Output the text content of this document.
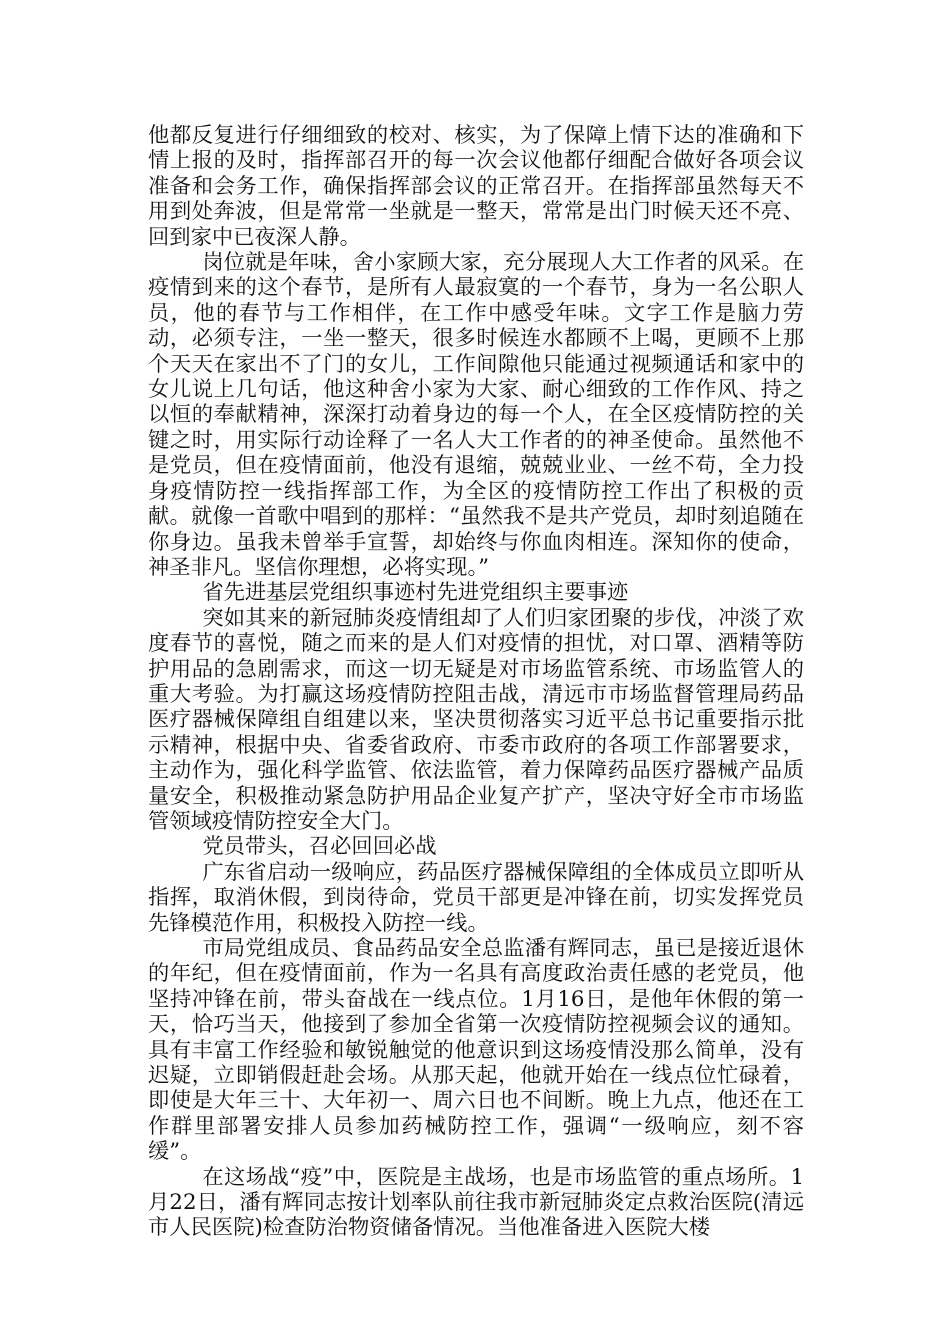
他都反复进行仔细细致的校对、核实，为了保障上情下达的准确和下情上报的及时，指挥部召开的每一次会议他都仔细配合做好各项会议准备和会务工作，确保指挥部会议的正常召开。在指挥部虽然每天不用到处奔波，但是常常一坐就是一整天，常常是出门时候天还不亮、回到家中已夜深人静。

岗位就是年味，舍小家顾大家，充分展现人大工作者的风采。在疫情到来的这个春节，是所有人最寂寞的一个春节，身为一名公职人员，他的春节与工作相伴，在工作中感受年味。文字工作是脑力劳动，必须专注，一坐一整天，很多时候连水都顾不上喝，更顾不上那个天天在家出不了门的女儿，工作间隙他只能通过视频通话和家中的女儿说上几句话，他这种舍小家为大家、耐心细致的工作作风、持之以恒的奉献精神，深深打动着身边的每一个人，在全区疫情防控的关键之时，用实际行动诠释了一名人大工作者的的神圣使命。虽然他不是党员，但在疫情面前，他没有退缩，兢兢业业、一丝不苟，全力投身疫情防控一线指挥部工作，为全区的疫情防控工作出了积极的贡献。就像一首歌中唱到的那样：“虽然我不是共产党员，却时刻追随在你身边。虽我未曾举手宣誓，却始终与你血肉相连。深知你的使命，神圣非凡。坚信你理想，必将实现。”

省先进基层党组织事迹村先进党组织主要事迹

突如其来的新冠肺炎疫情组却了人们归家团聚的步伐，冲淡了欢度春节的喜悦，随之而来的是人们对疫情的担忧，对口罩、酒精等防护用品的急剧需求，而这一切无疑是对市场监管系统、市场监管人的重大考验。为打赢这场疫情防控阻击战，清远市市场监督管理局药品医疗器械保障组自组建以来，坚决贯彻落实习近平总书记重要指示批示精神，根据中央、省委省政府、市委市政府的各项工作部署要求，主动作为，强化科学监管、依法监管，着力保障药品医疗器械产品质量安全，积极推动紧急防护用品企业复产扩产，坚决守好全市市场监管领域疫情防控安全大门。

党员带头，召必回回必战

广东省启动一级响应，药品医疗器械保障组的全体成员立即听从指挥，取消休假，到岗待命，党员干部更是冲锋在前，切实发挥党员先锋模范作用，积极投入防控一线。

市局党组成员、食品药品安全总监潘有辉同志，虽已是接近退休的年纪，但在疫情面前，作为一名具有高度政治责任感的老党员，他坚持冲锋在前，带头奋战在一线点位。1月16日，是他年休假的第一天，恰巧当天，他接到了参加全省第一次疫情防控视频会议的通知。具有丰富工作经验和敏锐触觉的他意识到这场疫情没那么简单，没有迟疑，立即销假赶赴会场。从那天起，他就开始在一线点位忙碌着，即使是大年三十、大年初一、周六日也不间断。晚上九点，他还在工作群里部署安排人员参加药械防控工作，强调“一级响应，刻不容缓”。

在这场战“疫”中，医院是主战场，也是市场监管的重点场所。1月22日，潘有辉同志按计划率队前往我市新冠肺炎定点救治医院(清远市人民医院)检查防治物资储备情况。当他准备进入医院大楼
